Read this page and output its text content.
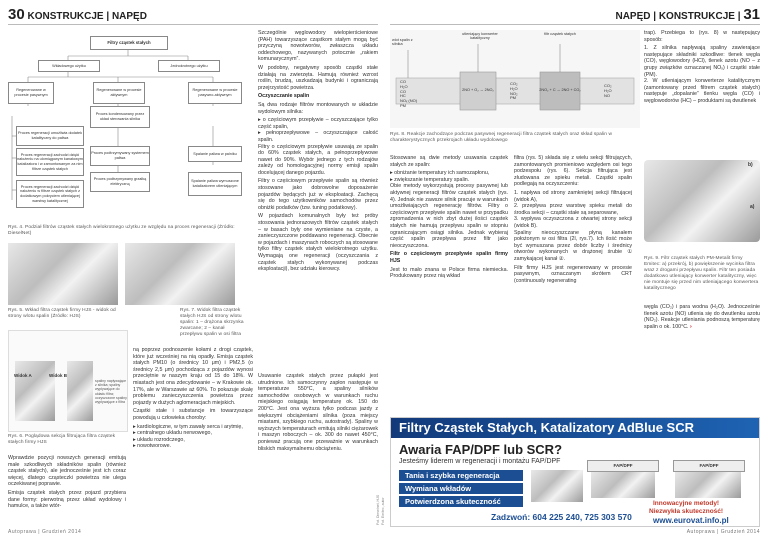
30 KONSTRUKCJE | NAPĘD	NAPĘD | KONSTRUKCJE | 31
Filtry cząstek stałych
Wkładowego użytku	Jednokrotnego użytku
Regenerowane w procesie pasywnym
Regenerowane w procesie aktywnym
Regenerowane w procesie pasywno-aktywnym
Proces regeneracji umożliwia dodatek katalityczny do paliwa
Proces regeneracji zachodzi dzięki nałożeniu na ulomiągowym kanałowym katalizatora i w zamontowanym za nim filtrze cząstek stałych
Proces regeneracji zachodzi dzięki nałożeniu w filtrze cząstek stałych z dodatkowym pokryciem utleniającej warstwy katalitycznej
Proces kondensowany przez układ sterowania silnika
Proces podtrzymywany systemem paliwa
Proces podtrzymywany grzałką elektryczną
Spalanie paliwa w palniku
Spalanie paliwa wymuszone katalizatorem utleniającym
Rys. 4. Podział filtrów cząstek stałych wielokrotnego użytku ze względu na proces regeneracji (Źródło: DieselNet)
Rys. 5. Wkład filtra cząstek firmy HJS - widok od strony wlotu spalin (Źródło: HJS)
Rys. 7. Widok filtra cząstek stałych HJS od strony wlotu spalin: 1 – drążona skrzynka zwarcane; 2 – kanał przepływu spalin w osi filtra
Widok A	Widok B
spaliny napływające z silnika; spaliny wypływające do układu filtra; oczyszczone spaliny wypływające z filtra
Rys. 6. Poglądowa sekcja filtrująca filtra cząstek stałych firmy HJS

Wprawdzie pozycji nowszych generacji emitują małe szkodliwych składników spalin (również cząstek stałych), ale jednocześnie jest ich coraz więcej, dlatego cząsteczki powietrza nie ulega oczekiwanej poprawie.

Emisja cząstek stałych przez pojazd przybiera dane formy: pierwotną przez układ wydolowy i hamulce, a także wtór-

Szczególnie węglowodory wielopierścieniowe (PAH) towarzyszące cząstkom stałym mogą być przyczyną nowotworów, zwłaszcza układu oddechowego, nazywanych potocznie „rakiem komunarycznym”.

W podobny, negatywny sposób cząstki stałe działają na zwierzęta. Hamują również wzrost roślin, brudzą, uszkadzają budynki i ograniczają przejrzystość powietrza.

Oczyszczanie spalin

Są dwa rodzaje filtrów montowanych w układzie wydolowym silnika:

▸ o częściowym przepływie – oczyszczające tylko część spalin,
▸ pełnoprzepływowe – oczyszczające całość spalin.

Filtry o częściowym przepływie usuwają ze spalin do 60% cząstek stałych, a pełnoprzepływowe nawet do 90%. Wybór jednego z tych rodzajów zależy od homologacyjnej normy emisji spalin docelującej danego pojazdu.

Filtry o częściowym przepływie spalin są również stosowane jako dobrowolne doposażenie pojazdów będących już w eksploatacji. Zachęcą się do tego użytkowników samochodów przez obniżki podatków (tzw. tuning podatkowy).

W pojazdach komunalnych były też próby stosowania jednorazowych filtrów cząstek stałych – w basach były one wymieniane na czyste, a zanieczyszczone poddawano regeneracji. Obecnie w pojazdach i maszynach roboczych są stosowane tylko filtry cząstek stałych wielokrotnego użytku. Wymagają one regeneracji (oczyszczania z cząstek stałych wykonywanej podczas eksploatacji), bez udziału kierowcy.

ną poprzez podnoszenie kołami z drogi cząstek, które już wcześniej na nią opadły. Emisja cząstek stałych PM10 (o średnicy 10 μm) i PM2,5 (o średnicy 2,5 μm) pochodząca z pojazdów wynosi przeciętnie w naszym kraju od 15 do 18%. W miastach jest ona zdecydowanie – w Krakowie ok. 17%, ale w Warszawie aż 60%. To pokazuje skalę problemu zanieczyszczenia powietrza przez pojazdy w dużych aglomeracjach miejskich.

Cząstki stałe i substancje im towarzyszące powodują u człowieka choroby:

▸ kardiologiczne, w tym zawały serca i arytmię,
▸ centralnego układu nerwowego,
▸ układu rozrodczego,
▸ nowotworowe.

Usuwanie cząstek stałych przez pułapki jest utrudnione. Ich samoczynny zapłon następuje w temperaturze 550°C, a spaliny silników samochodów osobowych w warunkach ruchu miejskiego osiągają temperaturę ok. 150 do 200°C. Jest ona wyższa tylko podczas jazdy z większymi obciążeniami silnika (poza miejscy miastami, szybkiego ruchu, autostrady). Spaliny w wyższych temperaturach emitują silniki ciężarowek i maszyn roboczych – ok. 300 do nawet 450°C, ponieważ pracują one przeważnie w warunkach bliskich maksymalnemu obciążeniu.

Fot. Dieselnet, HJS Fot. Emitec, autor
utleniający konwerter katalityczny
filtr cząstek stałych
wlot spalin z silnika
CO
H₂O
CO
HC
NOₓ (NO)
PM
2NO + O₂ → 2NO₂
CO₂
H₂O
NO₂
PM
2NO₂ + C → 2NO + CO₂
CO₂
H₂O
NO
Rys. 8. Reakcje zachodzące podczas pasywnej regeneracji filtra cząstek stałych oraz skład spalin w charakterystycznych przekrojach układu wydolowego

Stosowane są dwie metody usuwania cząstek stałych ze spalin:

▸ obniżanie temperatury ich samozapłonu,
▸ zwiększanie temperatury spalin.

Obie metody wykorzystują procesy pasywnej lub aktywnej regeneracji filtrów cząstek stałych (rys. 4). Jednak nie zawsze silnik pracuje w warunkach umożliwiających regenerację filtrów. Filtry o częściowym przepływie spalin nawet w przypadku zgromadzenia w nich zbyt dużej ilości cząstek stałych nie hamują przepływu spalin w stopniu ograniczającym osiągi silnika. Jednak wybieraj część spalin przepływa przez filtr jako nieoczyszczona.

Filtr o częściowym przepływie spalin firmy HJS

Jest to mało znana w Polsce firma niemiecka. Produkowany przez nią wkład

filtra (rys. 5) składa się z wielu sekcji filtrujących, zamontowanych promieniowo względem osi tego podzespołu (rys. 6). Sekcja filtrująca jest złudowana ze spieku metali. Cząstki spalin podlegają na oczyszczeniu:

1. napływa od strony zamkniętej sekcji filtrującej (widok A),
2. przepływa przez warstwę spieku metali do środka sekcji – cząstki stałe są separowane,
3. wypływa oczyszczona z otwartej strony sekcji (widok B).

Spaliny nieoczyszczane płyną kanałem położonym w osi filtra (2l, rys.7). Ich ilość może być wymuszana przez dobór liczby i średnicy otworów wykonanych w drążonej śrubie ① zamykającej kanał ②.

Filtr firmy HJS jest regenerowany w procesie pasywnym, oznaczanym skrótem CRT (continuously regenerating

trap). Przebiega to (rys. 8) w następujący sposób:

1. Z silnika napływają spaliny zawierające następujące składniki szkodliwe: tlenek węgla (CO), węglowodory (HCl), tlenek azotu (NO – z grupy związków oznaczanej NOₓ) i cząstki stałe (PM).
2. W utleniającym konwerterze katalitycznym (zamontowany przed filtrem cząstek stałych) następuje „dopalanie” tlenku węgla (CO) i węglowodorów (HC) – produktami są dwutlenek
b)
a)
Rys. 9. Filtr cząstek stałych PM-Metalit firmy Emitec: a) przekrój, b) powiększenie wycinka filtra wraz z drogami przepływu spalin. Filtr ten posiada dodatkowo utleniający konwerter katalityczny, więc nie montuje się przed nim utleniającego konwertera katalitycznego

węgla (CO₂) i para wodna (H₂O). Jednocześnie tlenek azotu (NO) utlenia się do dwutlenku azotu (NO₂). Reakcje utleniania podnoszą temperaturę spalin o ok. 100°C. ›

Filtry Cząstek Stałych, Katalizatory AdBlue SCR
Awaria FAP/DPF lub SCR?
Jesteśmy liderem w regeneracji i montażu FAP/DPF
Tania i szybka regeneracja
Wymiana wkładów
Potwierdzona skuteczność
FAP/DPF	FAP/DPF
Innowacyjne metody!
Niezwykła skuteczność!
Zadzwoń: 604 225 240, 725 303 570	www.eurovat.info.pl
Autoprawa | Grudzień 2014	Autoprawa | Grudzień 2014
